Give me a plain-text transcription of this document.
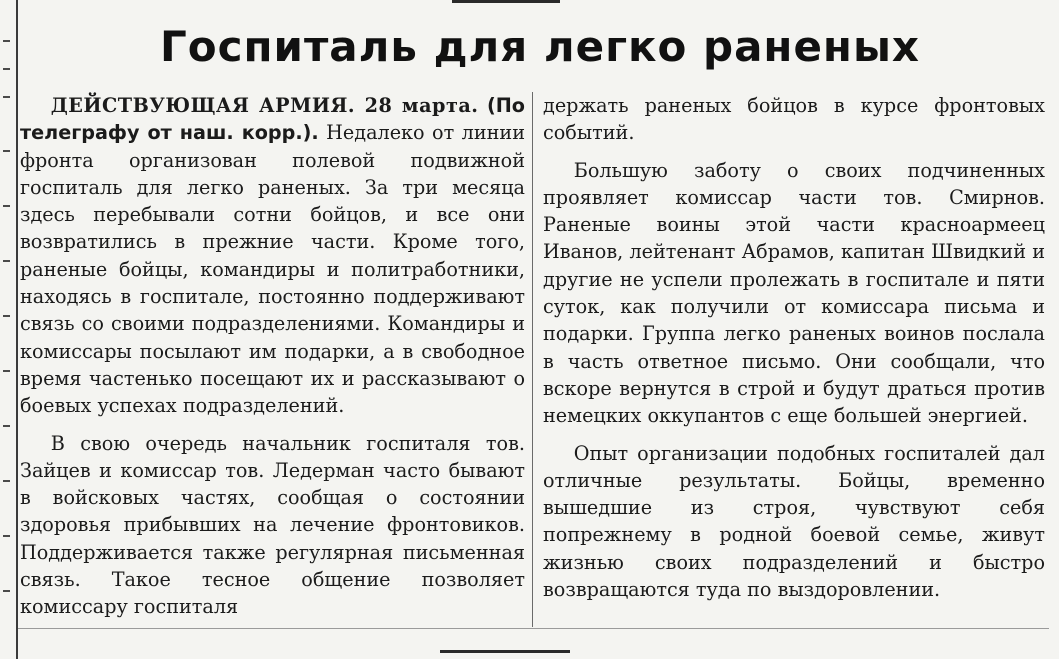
Госпиталь для легко раненых

ДЕЙСТВУЮЩАЯ АРМИЯ. 28 марта. (По телеграфу от наш. корр.). Недалеко от линии фронта организован полевой подвижной госпиталь для легко раненых. За три месяца здесь перебывали сотни бойцов, и все они возвратились в прежние части. Кроме того, раненые бойцы, командиры и политработники, находясь в госпитале, постоянно поддерживают связь со своими подразделениями. Командиры и комиссары посылают им подарки, а в свободное время частенько посещают их и рассказывают о боевых успехах подразделений.

В свою очередь начальник госпиталя тов. Зайцев и комиссар тов. Ледерман часто бывают в войсковых частях, сообщая о состоянии здоровья прибывших на лечение фронтовиков. Поддерживается также регулярная письменная связь. Такое тесное общение позволяет комиссару госпиталя

держать раненых бойцов в курсе фронтовых событий.

Большую заботу о своих подчиненных проявляет комиссар части тов. Смирнов. Раненые воины этой части красноармеец Иванов, лейтенант Абрамов, капитан Швидкий и другие не успели пролежать в госпитале и пяти суток, как получили от комиссара письма и подарки. Группа легко раненых воинов послала в часть ответное письмо. Они сообщали, что вскоре вернутся в строй и будут драться против немецких оккупантов с еще большей энергией.

Опыт организации подобных госпиталей дал отличные результаты. Бойцы, временно вышедшие из строя, чувствуют себя попрежнему в родной боевой семье, живут жизнью своих подразделений и быстро возвращаются туда по выздоровлении.
